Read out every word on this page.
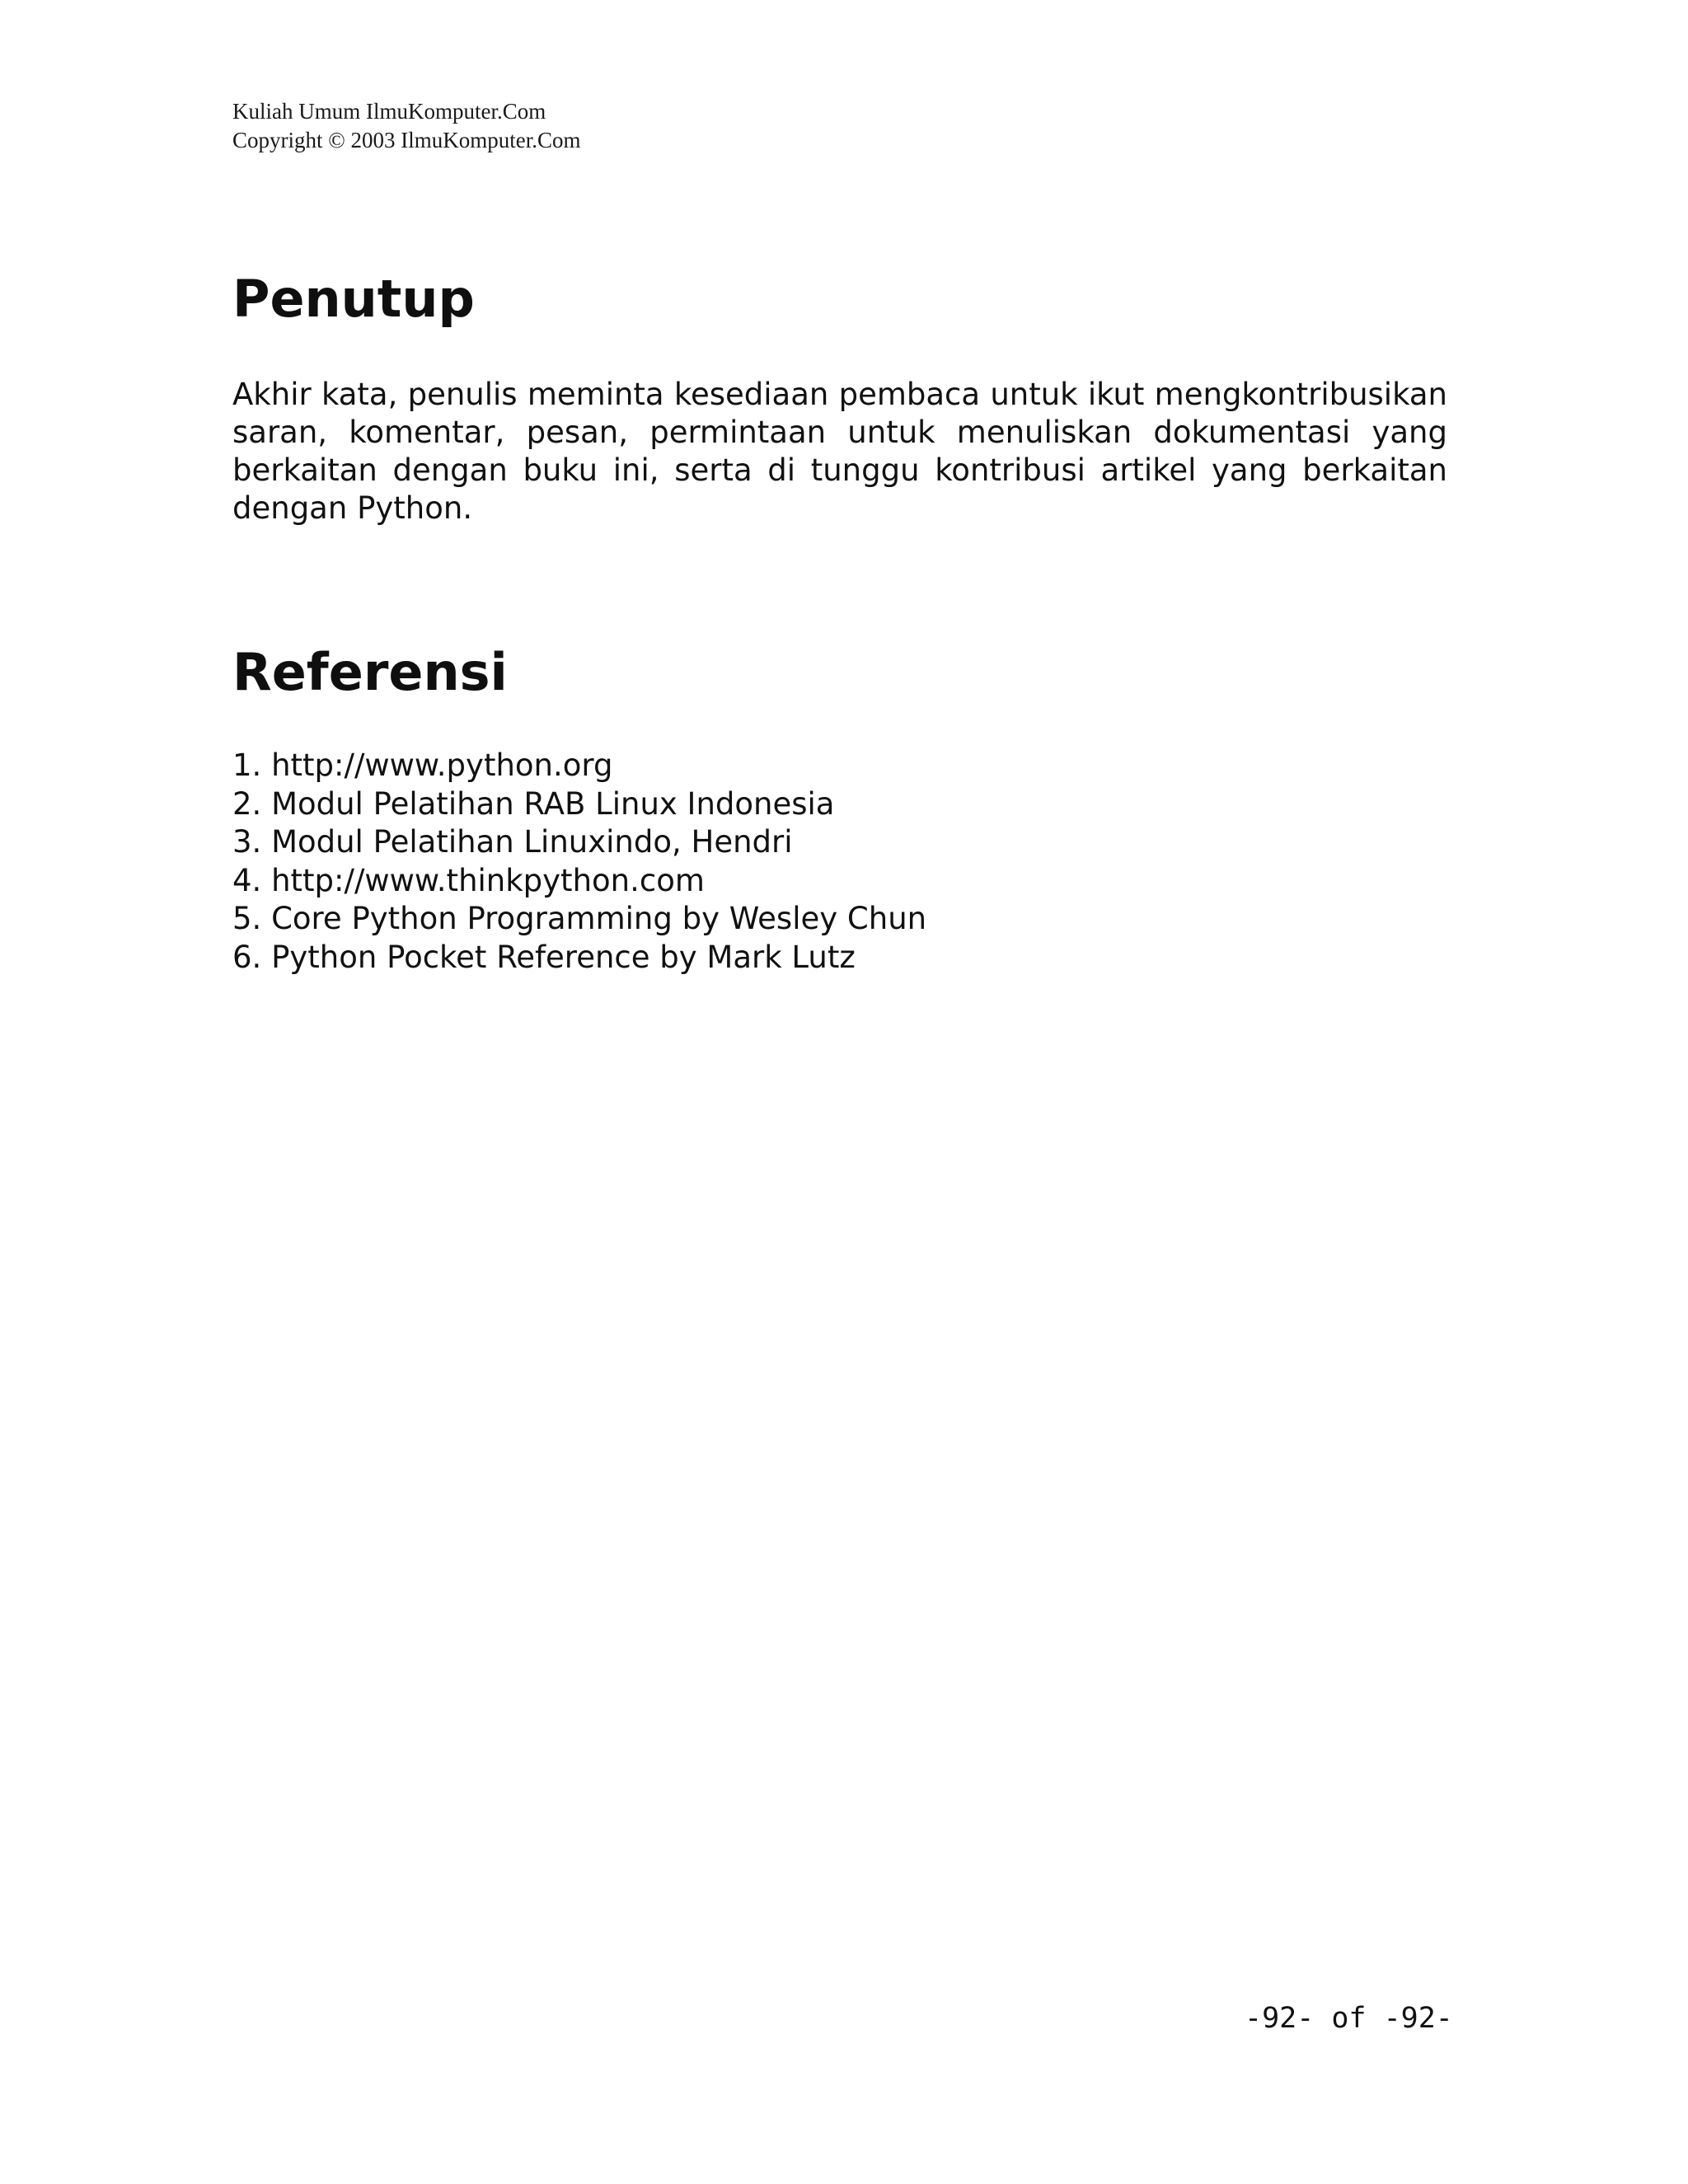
Kuliah Umum IlmuKomputer.Com
Copyright © 2003 IlmuKomputer.Com
Penutup

Akhir kata, penulis meminta kesediaan pembaca untuk ikut mengkontribusikan saran, komentar, pesan, permintaan untuk menuliskan dokumentasi yang berkaitan dengan buku ini, serta di tunggu kontribusi artikel yang berkaitan dengan Python.

Referensi
1. http://www.python.org
2. Modul Pelatihan RAB Linux Indonesia
3. Modul Pelatihan Linuxindo, Hendri
4. http://www.thinkpython.com
5. Core Python Programming by Wesley Chun
6. Python Pocket Reference by Mark Lutz
-92- of -92-
